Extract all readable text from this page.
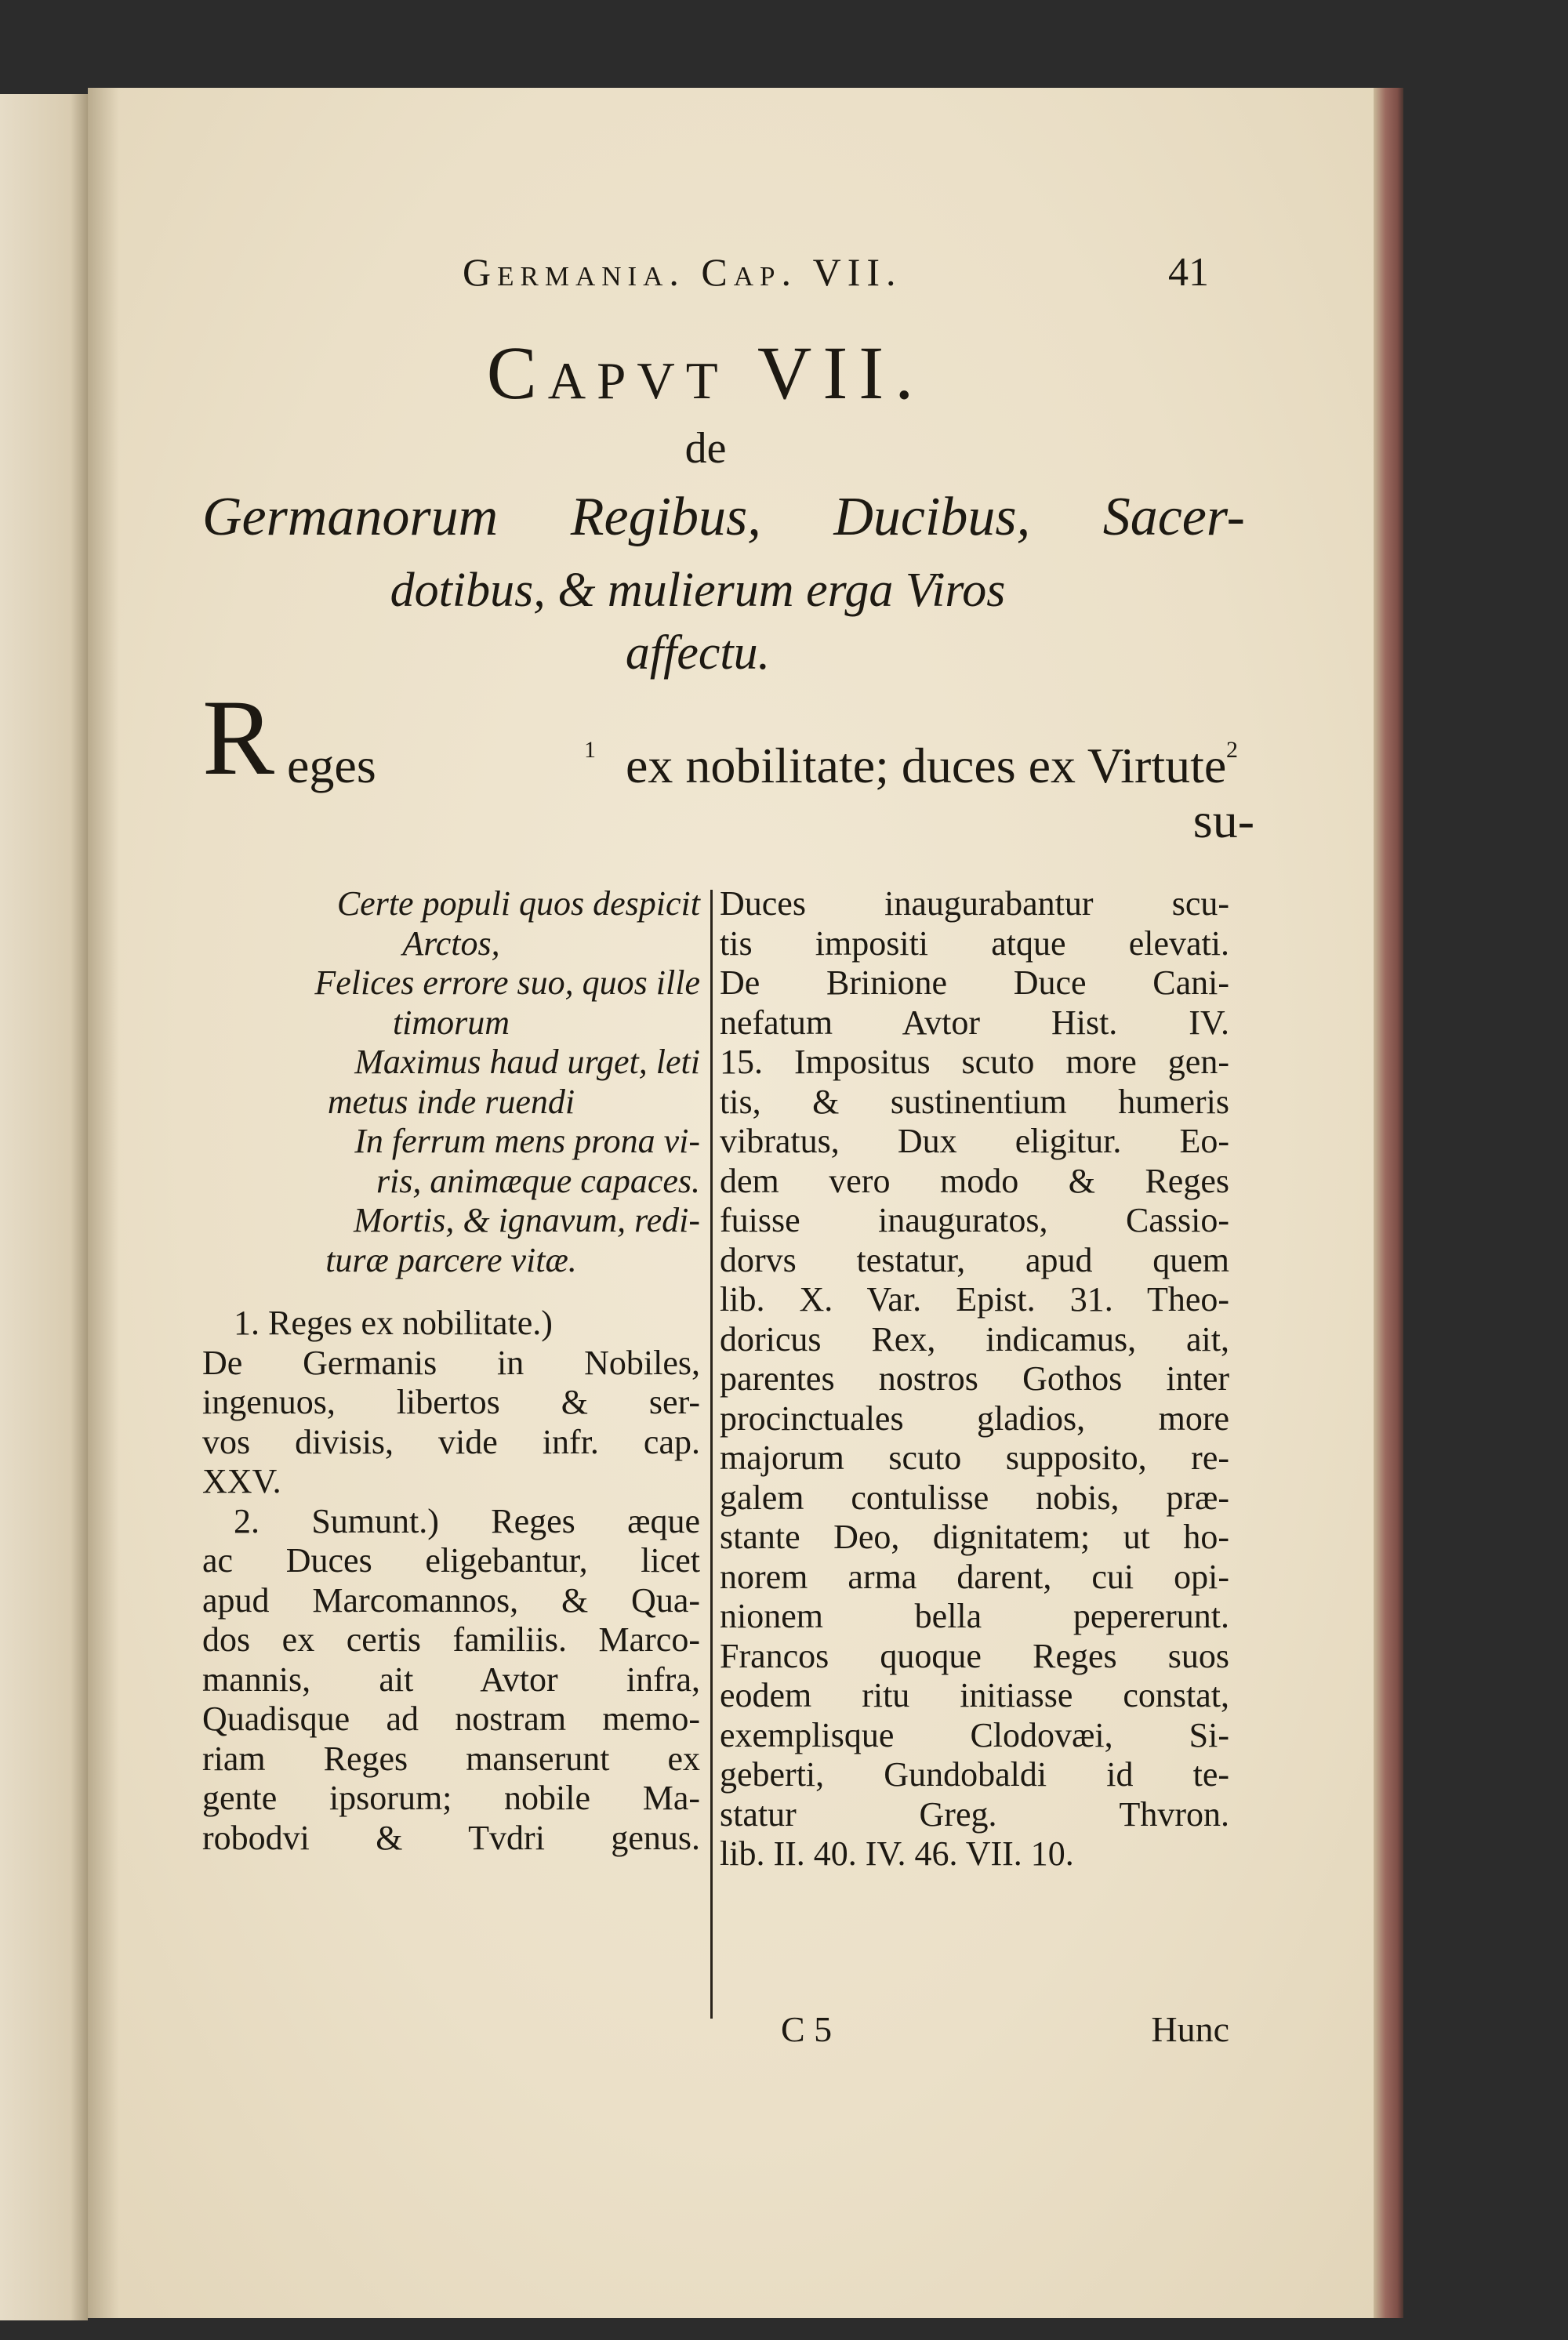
Germania. Cap. VII.	41
Capvt VII.
de
Germanorum Regibus, Ducibus, Sacer-
dotibus, & mulierum erga Viros
affectu.
R eges	1 ex nobilitate; duces ex Virtute 2
su-
Certe populi quos despicit
Arctos,
Felices errore suo, quos ille
timorum
Maximus haud urget, leti
metus inde ruendi
In ferrum mens prona vi-
ris, animæque capaces.
Mortis, & ignavum, redi-
turæ parcere vitæ.
1. Reges ex nobilitate.)
De Germanis in Nobiles,
ingenuos, libertos & ser-
vos divisis, vide infr. cap.
XXV.
2. Sumunt.) Reges æque
ac Duces eligebantur, licet
apud Marcomannos, & Qua-
dos ex certis familiis. Marco-
mannis, ait Avtor infra,
Quadisque ad nostram memo-
riam Reges manserunt ex
gente ipsorum; nobile Ma-
robodvi & Tvdri genus.
Duces inaugurabantur scu-
tis impositi atque elevati.
De Brinione Duce Cani-
nefatum Avtor Hist. IV.
15. Impositus scuto more gen-
tis, & sustinentium humeris
vibratus, Dux eligitur. Eo-
dem vero modo & Reges
fuisse inauguratos, Cassio-
dorvs testatur, apud quem
lib. X. Var. Epist. 31. Theo-
doricus Rex, indicamus, ait,
parentes nostros Gothos inter
procinctuales gladios, more
majorum scuto supposito, re-
galem contulisse nobis, præ-
stante Deo, dignitatem; ut ho-
norem arma darent, cui opi-
nionem bella pepererunt.
Francos quoque Reges suos
eodem ritu initiasse constat,
exemplisque Clodovæi, Si-
geberti, Gundobaldi id te-
statur Greg. Thvron.
lib. II. 40. IV. 46. VII. 10.
C 5	Hunc
